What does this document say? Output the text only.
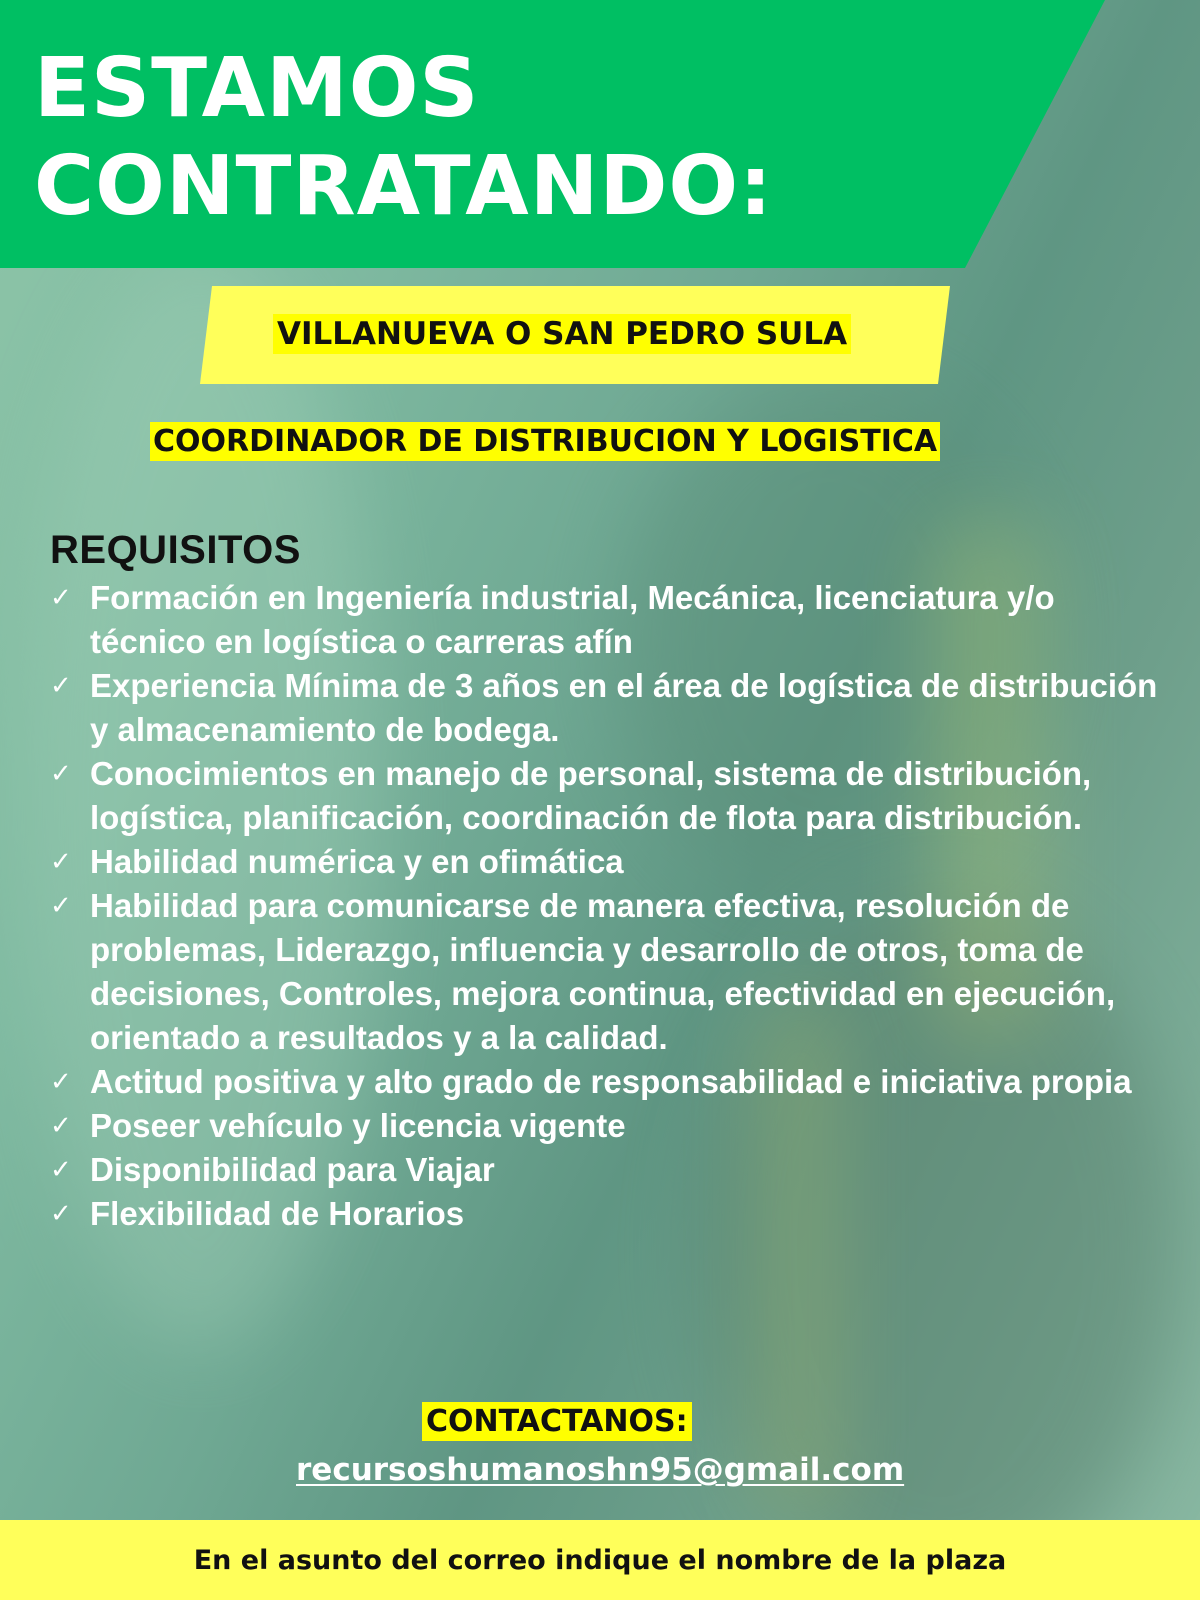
ESTAMOS
CONTRATANDO:
VILLANUEVA O SAN PEDRO SULA
COORDINADOR DE DISTRIBUCION Y LOGISTICA
REQUISITOS
✓ Formación en Ingeniería industrial, Mecánica, licenciatura y/o técnico en logística o carreras afín
✓ Experiencia Mínima de 3 años en el área de logística de distribución y almacenamiento de bodega.
✓ Conocimientos en manejo de personal, sistema de distribución, logística, planificación, coordinación de flota para distribución.
✓ Habilidad numérica y en ofimática
✓ Habilidad para comunicarse de manera efectiva, resolución de problemas, Liderazgo, influencia y desarrollo de otros, toma de decisiones, Controles, mejora continua, efectividad en ejecución, orientado a resultados y a la calidad.
✓ Actitud positiva y alto grado de responsabilidad e iniciativa propia
✓ Poseer vehículo y licencia vigente
✓ Disponibilidad para Viajar
✓ Flexibilidad de Horarios
CONTACTANOS:
recursoshumanoshn95@gmail.com
En el asunto del correo indique el nombre de la plaza
